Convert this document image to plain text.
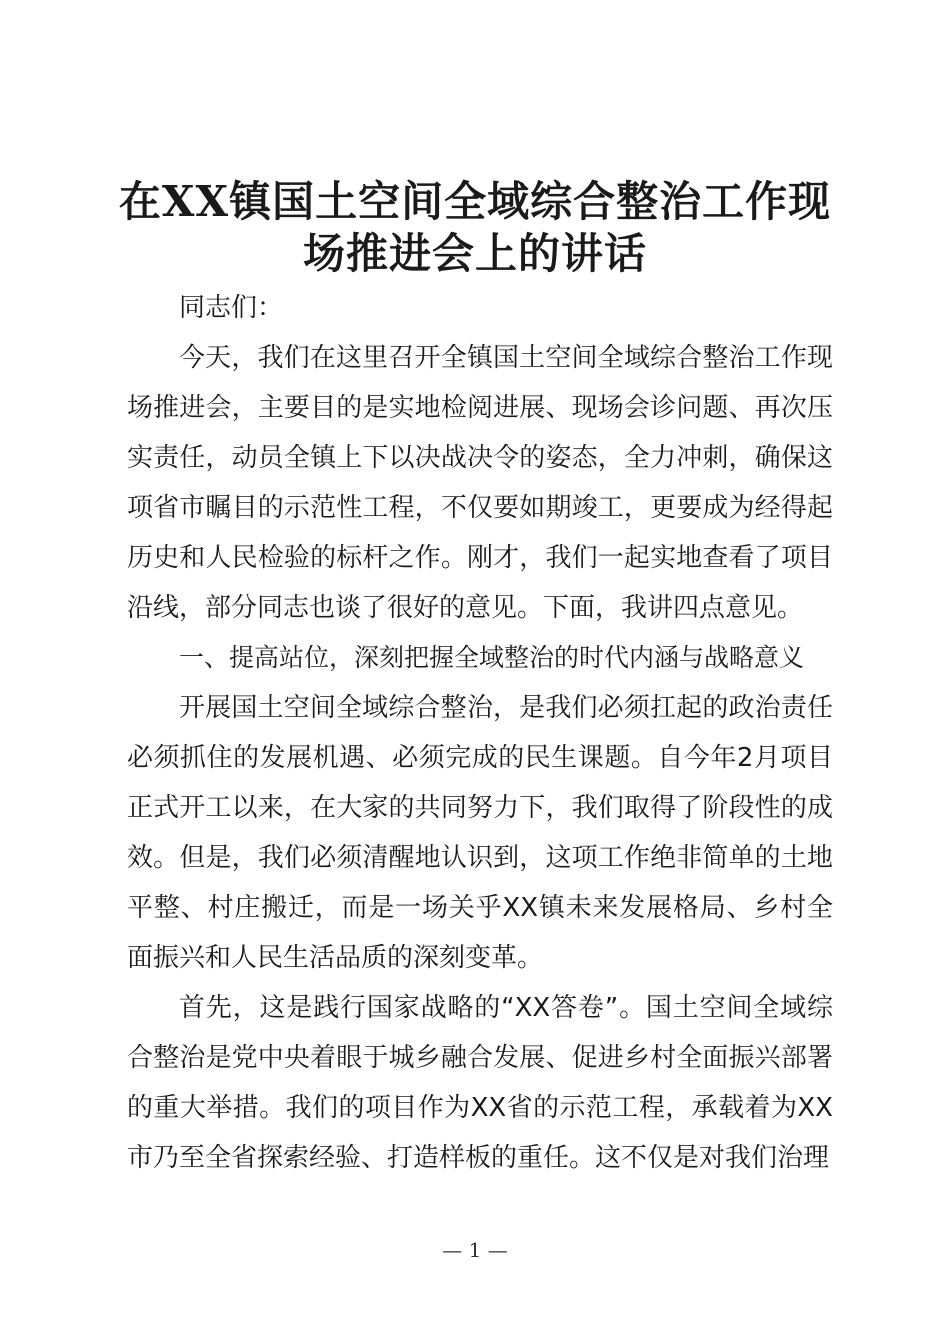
在XX镇国土空间全域综合整治工作现
场推进会上的讲话

同志们：

今天，我们在这里召开全镇国土空间全域综合整治工作现场推进会，主要目的是实地检阅进展、现场会诊问题、再次压实责任，动员全镇上下以决战决令的姿态，全力冲刺，确保这项省市瞩目的示范性工程，不仅要如期竣工，更要成为经得起历史和人民检验的标杆之作。刚才，我们一起实地查看了项目沿线，部分同志也谈了很好的意见。下面，我讲四点意见。

一、提高站位，深刻把握全域整治的时代内涵与战略意义

开展国土空间全域综合整治，是我们必须扛起的政治责任必须抓住的发展机遇、必须完成的民生课题。自今年2月项目正式开工以来，在大家的共同努力下，我们取得了阶段性的成效。但是，我们必须清醒地认识到，这项工作绝非简单的土地平整、村庄搬迁，而是一场关乎XX镇未来发展格局、乡村全面振兴和人民生活品质的深刻变革。

首先，这是践行国家战略的“XX答卷”。国土空间全域综合整治是党中央着眼于城乡融合发展、促进乡村全面振兴部署的重大举措。我们的项目作为XX省的示范工程，承载着为XX市乃至全省探索经验、打造样板的重任。这不仅是对我们治理

— 1 —
